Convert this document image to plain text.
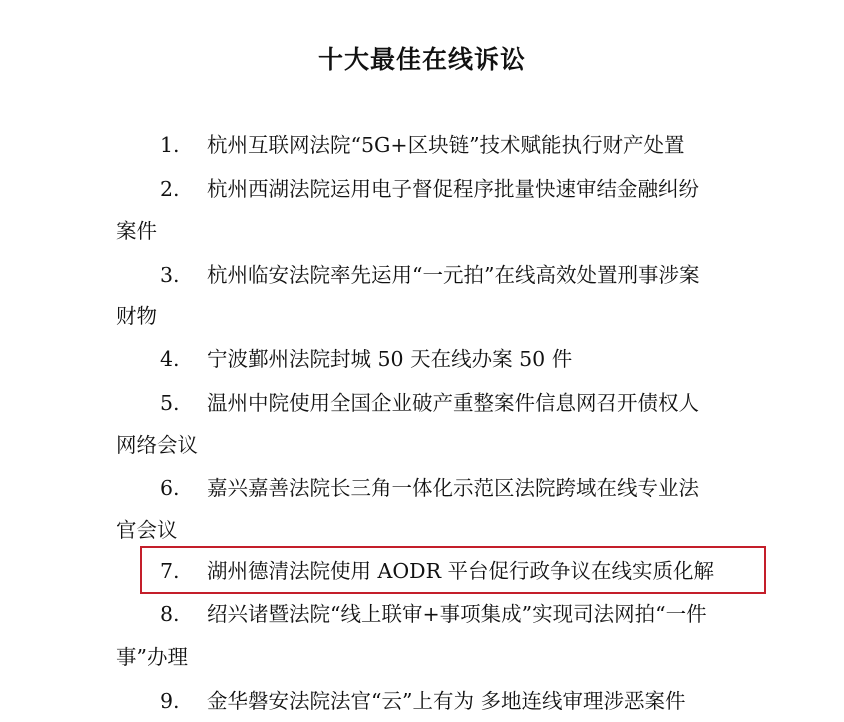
十大最佳在线诉讼
1.	杭州互联网法院“5G+区块链”技术赋能执行财产处置
2.	杭州西湖法院运用电子督促程序批量快速审结金融纠纷
案件
3.	杭州临安法院率先运用“一元拍”在线高效处置刑事涉案
财物
4.	宁波鄞州法院封城 50 天在线办案 50 件
5.	温州中院使用全国企业破产重整案件信息网召开债权人
网络会议
6.	嘉兴嘉善法院长三角一体化示范区法院跨域在线专业法
官会议
7.	湖州德清法院使用 AODR 平台促行政争议在线实质化解
8.	绍兴诸暨法院“线上联审+事项集成”实现司法网拍“一件
事”办理
9.	金华磐安法院法官“云”上有为 多地连线审理涉恶案件
